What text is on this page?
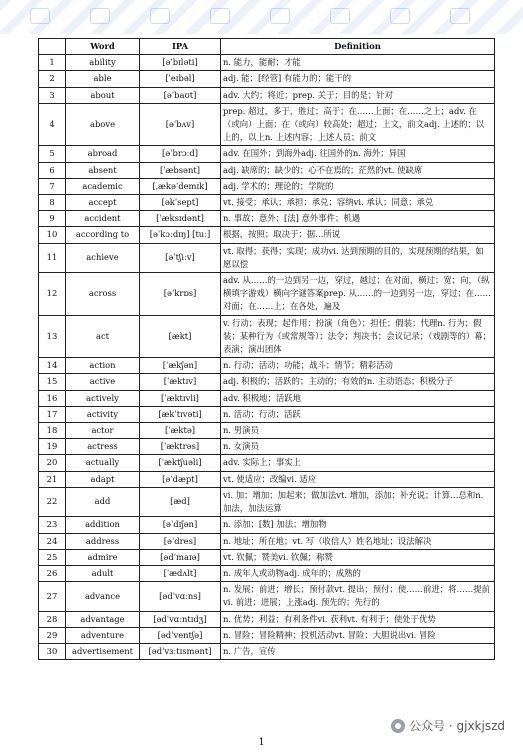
	Word	IPA	Definition
1	ability	[əˈbɪləti]	n. 能力，能耐；才能
2	able	[ˈeɪbəl]	adj. 能；[经管] 有能力的；能干的
3	about	[əˈbaʊt]	adv. 大约；将近；prep. 关于；目的是；针对
4	above	[əˈbʌv]	prep. 超过，多于，胜过；高于；在……上面；在……之上；adv. 在（或向）上面；在（或向）较高处；超过；上文，前文adj. 上述的；以上的，以上n. 上述内容；上述人员；前文
5	abroad	[əˈbrɔːd]	adv. 在国外；到海外adj. 往国外的n. 海外；异国
6	absent	[ˈæbsənt]	adj. 缺席的；缺少的；心不在焉的；茫然的vt. 使缺席
7	academic	[ˌækəˈdemɪk]	adj. 学术的；理论的；学院的
8	accept	[əkˈsept]	vt. 接受；承认；承担；承兑；容纳vi. 承认；同意；承兑
9	accident	[ˈæksɪdənt]	n. 事故；意外；[法] 意外事件；机遇
10	according to	[əˈkɔːdɪŋ] [tuː]	根据，按照；取决于；据…所说
11	achieve	[əˈtʃiːv]	vt. 取得；获得；实现；成功vi. 达到预期的目的，实现预期的结果，如愿以偿
12	across	[əˈkrɒs]	adv. 从……的一边到另一边，穿过，越过；在对面，横过；宽；向，（纵横填字游戏）横向字谜答案prep. 从……的一边到另一边，穿过；在……对面；在……上；在各处，遍及
13	act	[ækt]	v. 行动；表现；起作用；扮演（角色）；担任；假装；代理n. 行为；假装；某种行为（或常规等）；法令；判决书；会议记录；（戏剧等的）幕；表演；演出团体
14	action	[ˈækʃən]	n. 行动；活动；功能；战斗；情节；精彩活动
15	active	[ˈæktɪv]	adj. 积极的；活跃的；主动的；有效的n. 主动语态；积极分子
16	actively	[ˈæktɪvli]	adv. 积极地；活跃地
17	activity	[ækˈtɪvəti]	n. 活动；行动；活跃
18	actor	[ˈæktə]	n. 男演员
19	actress	[ˈæktrəs]	n. 女演员
20	actually	[ˈæktʃuəli]	adv. 实际上；事实上
21	adapt	[əˈdæpt]	vt. 使适应；改编vi. 适应
22	add	[æd]	vi. 加；增加；加起来；做加法vt. 增加，添加；补充说；计算…总和n. 加法，加法运算
23	addition	[əˈdɪʃən]	n. 添加；[数] 加法；增加物
24	address	[əˈdres]	n. 地址；所在地；vt. 写（收信人）姓名地址；设法解决
25	admire	[ədˈmaɪə]	vt. 钦佩；赞美vi. 钦佩；称赞
26	adult	[ˈædʌlt]	n. 成年人或动物adj. 成年的；成熟的
27	advance	[ədˈvɑːns]	n. 发展；前进；增长；预付款vt. 提出；预付；使……前进；将……提前vi. 前进；进展；上涨adj. 预先的；先行的
28	advantage	[ədˈvɑːntɪdʒ]	n. 优势；利益；有利条件vi. 获利vt. 有利于；使处于优势
29	adventure	[ədˈventʃə]	n. 冒险；冒险精神；投机活动vt. 冒险；大胆说出vi. 冒险
30	advertisement	[ədˈvɜːtɪsmənt]	n. 广告，宣传
公众号 · gjxkjszd
1
